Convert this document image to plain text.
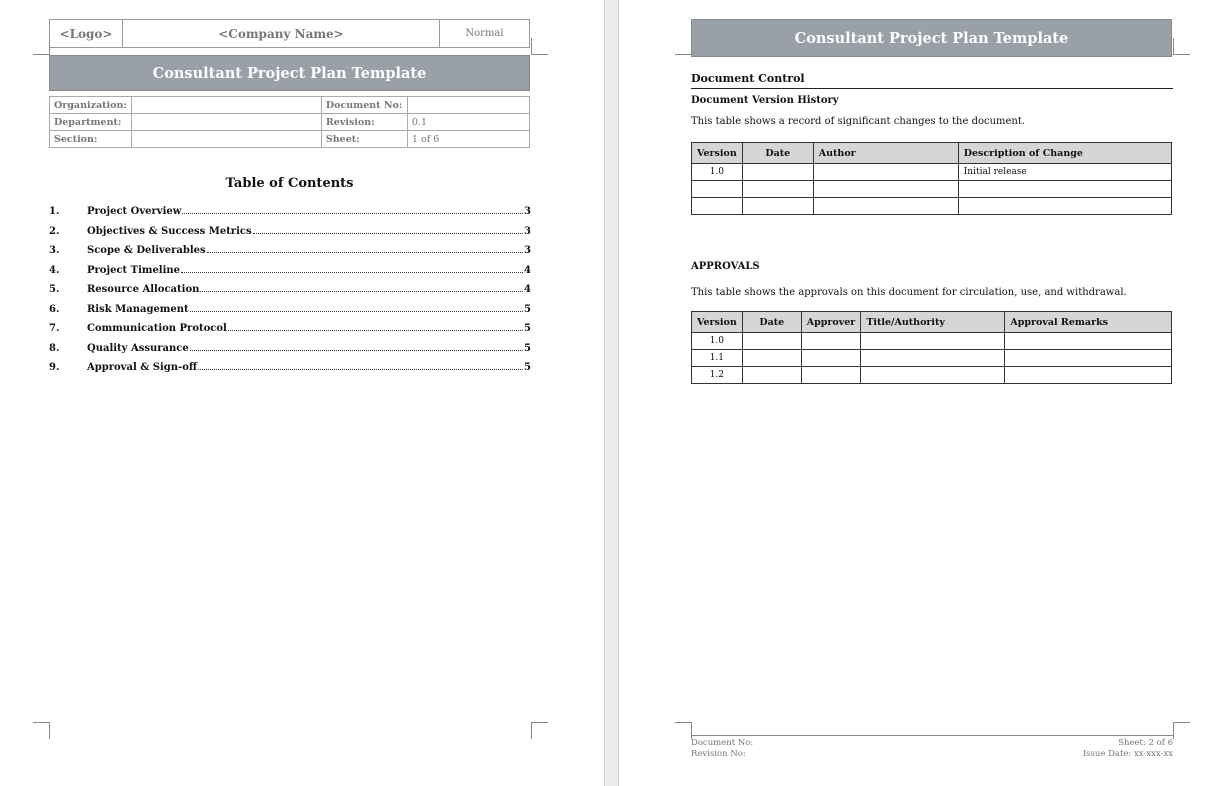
<Logo>	<Company Name>	Normal
Consultant Project Plan Template
Organization:		Document No:	
Department:		Revision:	0.1
Section:		Sheet:	1 of 6
Table of Contents
1.	Project Overview	3
2.	Objectives & Success Metrics	3
3.	Scope & Deliverables	3
4.	Project Timeline	4
5.	Resource Allocation	4
6.	Risk Management	5
7.	Communication Protocol	5
8.	Quality Assurance	5
9.	Approval & Sign-off	5
Consultant Project Plan Template
Document Control
Document Version History
This table shows a record of significant changes to the document.
Version	Date	Author	Description of Change
1.0			Initial release

APPROVALS
This table shows the approvals on this document for circulation, use, and withdrawal.
Version	Date	Approver	Title/Authority	Approval Remarks
1.0				
1.1				
1.2				
Document No:
Revision No:
Sheet: 2 of 6
Issue Date: xx-xxx-xx
